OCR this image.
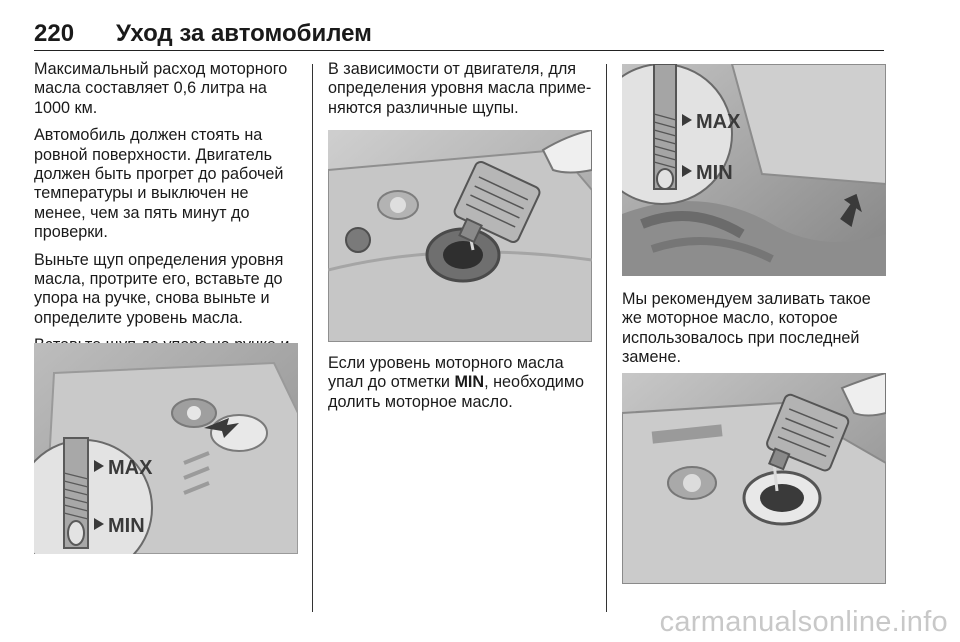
220 Уход за автомобилем

Максимальный расход моторного масла составляет 0,6 литра на 1000 км.

Автомобиль должен стоять на ровной поверхности. Двигатель должен быть прогрет до рабочей температуры и выключен не менее, чем за пять минут до проверки.

Выньте щуп определения уровня масла, протрите его, вставьте до упора на ручке, снова выньте и определите уровень масла.

MAX
MIN

В зависимости от двигателя, для определения уровня масла приме-няются различные щупы.

Если уровень моторного масла упал до отметки MIN, необходимо долить моторное масло.

MAX
MIN

Мы рекомендуем заливать такое же моторное масло, которое использовалось при последней замене.

carmanualsonline.info
